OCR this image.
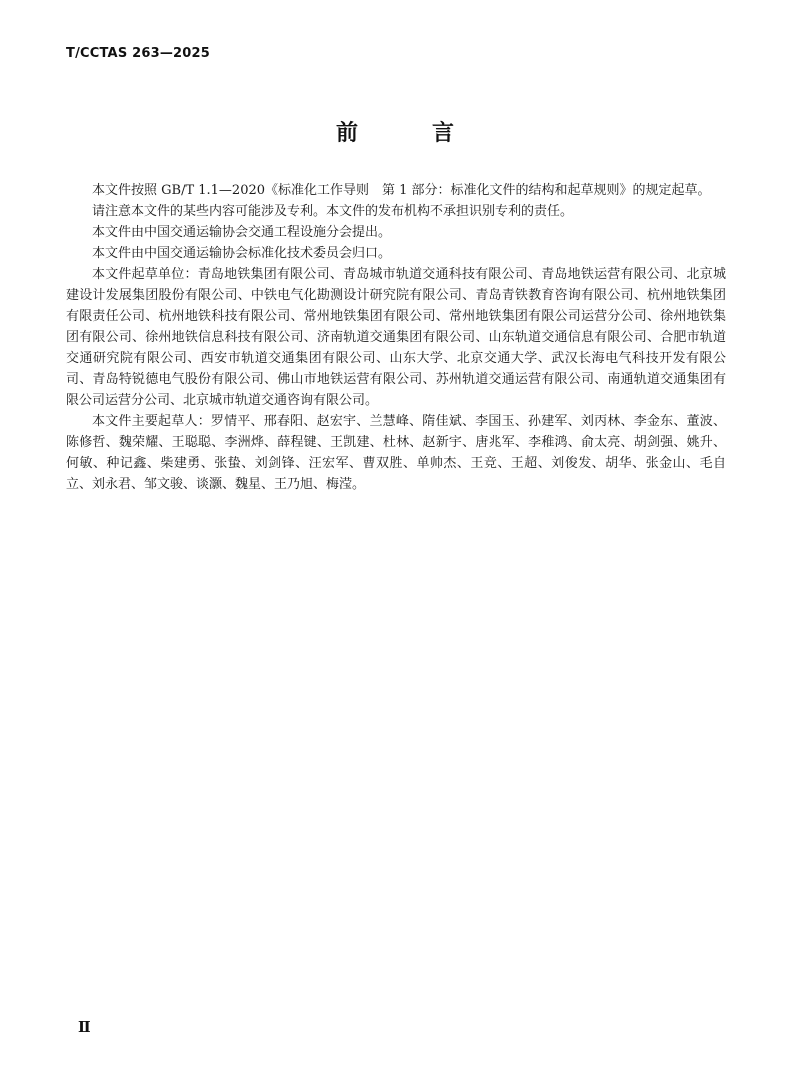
T/CCTAS 263—2025
前　言

本文件按照 GB/T 1.1—2020《标准化工作导则　第 1 部分：标准化文件的结构和起草规则》的规定起草。

请注意本文件的某些内容可能涉及专利。本文件的发布机构不承担识别专利的责任。

本文件由中国交通运输协会交通工程设施分会提出。

本文件由中国交通运输协会标准化技术委员会归口。

本文件起草单位：青岛地铁集团有限公司、青岛城市轨道交通科技有限公司、青岛地铁运营有限公司、北京城建设计发展集团股份有限公司、中铁电气化勘测设计研究院有限公司、青岛青铁教育咨询有限公司、杭州地铁集团有限责任公司、杭州地铁科技有限公司、常州地铁集团有限公司、常州地铁集团有限公司运营分公司、徐州地铁集团有限公司、徐州地铁信息科技有限公司、济南轨道交通集团有限公司、山东轨道交通信息有限公司、合肥市轨道交通研究院有限公司、西安市轨道交通集团有限公司、山东大学、北京交通大学、武汉长海电气科技开发有限公司、青岛特锐德电气股份有限公司、佛山市地铁运营有限公司、苏州轨道交通运营有限公司、南通轨道交通集团有限公司运营分公司、北京城市轨道交通咨询有限公司。

本文件主要起草人：罗情平、邢春阳、赵宏宇、兰慧峰、隋佳斌、李国玉、孙建军、刘丙林、李金东、董波、陈修哲、魏荣耀、王聪聪、李洲烨、薛程键、王凯建、杜林、赵新宇、唐兆军、李稚鸿、俞太亮、胡剑强、姚升、何敏、种记鑫、柴建勇、张蛰、刘剑锋、汪宏军、曹双胜、单帅杰、王竞、王超、刘俊发、胡华、张金山、毛自立、刘永君、邹文骏、谈灏、魏星、王乃旭、梅滢。

Ⅱ
